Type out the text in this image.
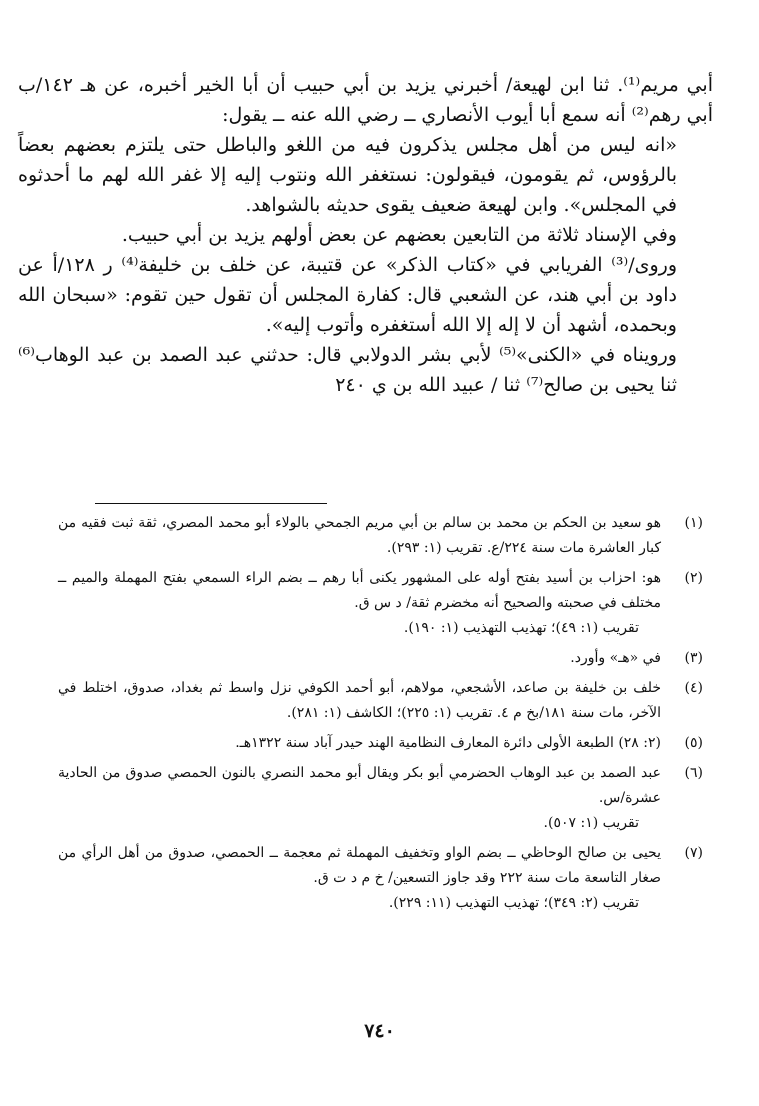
أبي مريم⁽¹⁾. ثنا ابن لهيعة/ أخبرني يزيد بن أبي حبيب أن أبا الخير أخبره، عن هـ ١٤٢/ب أبي رهم⁽²⁾ أنه سمع أبا أيوب الأنصاري ــ رضي الله عنه ــ يقول:

«انه ليس من أهل مجلس يذكرون فيه من اللغو والباطل حتى يلتزم بعضهم بعضاً بالرؤوس، ثم يقومون، فيقولون: نستغفر الله ونتوب إليه إلا غفر الله لهم ما أحدثوه في المجلس». وابن لهيعة ضعيف يقوى حديثه بالشواهد.

وفي الإسناد ثلاثة من التابعين بعضهم عن بعض أولهم يزيد بن أبي حبيب.

وروى/⁽³⁾ الفريابي في «كتاب الذكر» عن قتيبة، عن خلف بن خليفة⁽⁴⁾ ر ١٢٨/أ عن داود بن أبي هند، عن الشعبي قال: كفارة المجلس أن تقول حين تقوم: «سبحان الله وبحمده، أشهد أن لا إله إلا الله أستغفره وأتوب إليه».

ورويناه في «الكنى»⁽⁵⁾ لأبي بشر الدولابي قال: حدثني عبد الصمد بن عبد الوهاب⁽⁶⁾ ثنا يحيى بن صالح⁽⁷⁾ ثنا / عبيد الله بن ي ٢٤٠

(١)
هو سعيد بن الحكم بن محمد بن سالم بن أبي مريم الجمحي بالولاء أبو محمد المصري، ثقة ثبت فقيه من كبار العاشرة مات سنة ٢٢٤/ع. تقريب (١: ٢٩٣).
(٢)
هو: احزاب بن أسيد بفتح أوله على المشهور يكنى أبا رهم ــ بضم الراء السمعي بفتح المهملة والميم ــ مختلف في صحبته والصحيح أنه مخضرم ثقة/ د س ق.
تقريب (١: ٤٩)؛ تهذيب التهذيب (١: ١٩٠).
(٣)
في «هـ» وأورد.
(٤)
خلف بن خليفة بن صاعد، الأشجعي، مولاهم، أبو أحمد الكوفي نزل واسط ثم بغداد، صدوق، اختلط في الآخر، مات سنة ١٨١/بخ م ٤. تقريب (١: ٢٢٥)؛ الكاشف (١: ٢٨١).
(٥)
(٢: ٢٨) الطبعة الأولى دائرة المعارف النظامية الهند حيدر آباد سنة ١٣٢٢هـ.
(٦)
عبد الصمد بن عبد الوهاب الحضرمي أبو بكر ويقال أبو محمد النصري بالنون الحمصي صدوق من الحادية عشرة/س.
تقريب (١: ٥٠٧).
(٧)
يحيى بن صالح الوحاظي ــ بضم الواو وتخفيف المهملة ثم معجمة ــ الحمصي، صدوق من أهل الرأي من صغار التاسعة مات سنة ٢٢٢ وقد جاوز التسعين/ خ م د ت ق.
تقريب (٢: ٣٤٩)؛ تهذيب التهذيب (١١: ٢٢٩).
٧٤٠
